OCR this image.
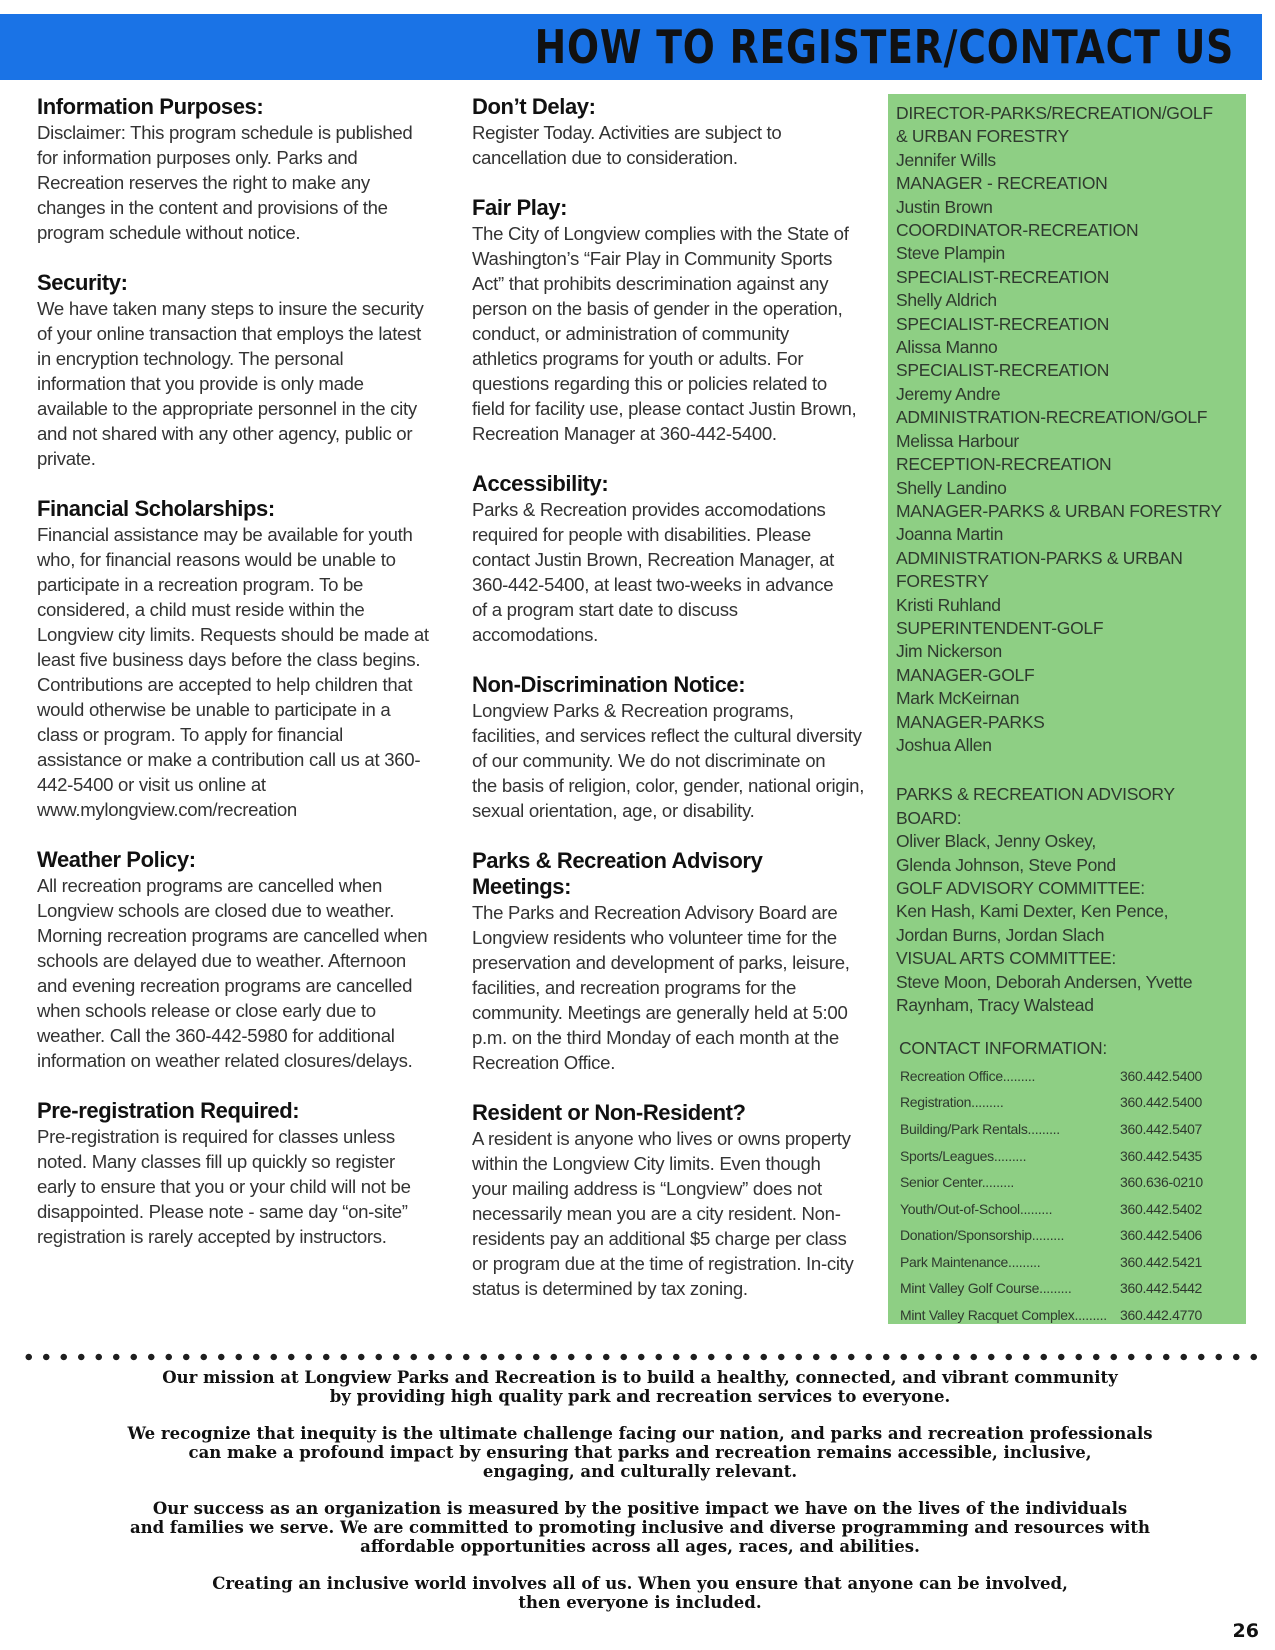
HOW TO REGISTER/CONTACT US
Information Purposes:
Disclaimer: This program schedule is published
for information purposes only. Parks and
Recreation reserves the right to make any
changes in the content and provisions of the
program schedule without notice.
Security:
We have taken many steps to insure the security
of your online transaction that employs the latest
in encryption technology. The personal
information that you provide is only made
available to the appropriate personnel in the city
and not shared with any other agency, public or
private.
Financial Scholarships:
Financial assistance may be available for youth
who, for financial reasons would be unable to
participate in a recreation program. To be
considered, a child must reside within the
Longview city limits. Requests should be made at
least five business days before the class begins.
Contributions are accepted to help children that
would otherwise be unable to participate in a
class or program. To apply for financial
assistance or make a contribution call us at 360-
442-5400 or visit us online at
www.mylongview.com/recreation
Weather Policy:
All recreation programs are cancelled when
Longview schools are closed due to weather.
Morning recreation programs are cancelled when
schools are delayed due to weather. Afternoon
and evening recreation programs are cancelled
when schools release or close early due to
weather. Call the 360-442-5980 for additional
information on weather related closures/delays.
Pre-registration Required:
Pre-registration is required for classes unless
noted. Many classes fill up quickly so register
early to ensure that you or your child will not be
disappointed. Please note - same day “on-site”
registration is rarely accepted by instructors.
Don’t Delay:
Register Today. Activities are subject to
cancellation due to consideration.
Fair Play:
The City of Longview complies with the State of
Washington’s “Fair Play in Community Sports
Act” that prohibits descrimination against any
person on the basis of gender in the operation,
conduct, or administration of community
athletics programs for youth or adults. For
questions regarding this or policies related to
field for facility use, please contact Justin Brown,
Recreation Manager at 360-442-5400.
Accessibility:
Parks & Recreation provides accomodations
required for people with disabilities. Please
contact Justin Brown, Recreation Manager, at
360-442-5400, at least two-weeks in advance
of a program start date to discuss
accomodations.
Non-Discrimination Notice:
Longview Parks & Recreation programs,
facilities, and services reflect the cultural diversity
of our community. We do not discriminate on
the basis of religion, color, gender, national origin,
sexual orientation, age, or disability.
Parks & Recreation Advisory
Meetings:
The Parks and Recreation Advisory Board are
Longview residents who volunteer time for the
preservation and development of parks, leisure,
facilities, and recreation programs for the
community. Meetings are generally held at 5:00
p.m. on the third Monday of each month at the
Recreation Office.
Resident or Non-Resident?
A resident is anyone who lives or owns property
within the Longview City limits. Even though
your mailing address is “Longview” does not
necessarily mean you are a city resident. Non-
residents pay an additional $5 charge per class
or program due at the time of registration. In-city
status is determined by tax zoning.
DIRECTOR-PARKS/RECREATION/GOLF
& URBAN FORESTRY
Jennifer Wills
MANAGER - RECREATION
Justin Brown
COORDINATOR-RECREATION
Steve Plampin
SPECIALIST-RECREATION
Shelly Aldrich
SPECIALIST-RECREATION
Alissa Manno
SPECIALIST-RECREATION
Jeremy Andre
ADMINISTRATION-RECREATION/GOLF
Melissa Harbour
RECEPTION-RECREATION
Shelly Landino
MANAGER-PARKS & URBAN FORESTRY
Joanna Martin
ADMINISTRATION-PARKS & URBAN
FORESTRY
Kristi Ruhland
SUPERINTENDENT-GOLF
Jim Nickerson
MANAGER-GOLF
Mark McKeirnan
MANAGER-PARKS
Joshua Allen
PARKS & RECREATION ADVISORY BOARD:
Oliver Black, Jenny Oskey,
Glenda Johnson, Steve Pond
GOLF ADVISORY COMMITTEE:
Ken Hash, Kami Dexter, Ken Pence,
Jordan Burns, Jordan Slach
VISUAL ARTS COMMITTEE:
Steve Moon, Deborah Andersen, Yvette
Raynham, Tracy Walstead
CONTACT INFORMATION:
Recreation Office.........	360.442.5400
Registration.........	360.442.5400
Building/Park Rentals.........	360.442.5407
Sports/Leagues.........	360.442.5435
Senior Center.........	360.636-0210
Youth/Out-of-School.........	360.442.5402
Donation/Sponsorship.........	360.442.5406
Park Maintenance.........	360.442.5421
Mint Valley Golf Course.........	360.442.5442
Mint Valley Racquet Complex......... 360.442.4770

Our mission at Longview Parks and Recreation is to build a healthy, connected, and vibrant community
by providing high quality park and recreation services to everyone.

We recognize that inequity is the ultimate challenge facing our nation, and parks and recreation professionals
can make a profound impact by ensuring that parks and recreation remains accessible, inclusive,
engaging, and culturally relevant.

Our success as an organization is measured by the positive impact we have on the lives of the individuals
and families we serve. We are committed to promoting inclusive and diverse programming and resources with
affordable opportunities across all ages, races, and abilities.

Creating an inclusive world involves all of us. When you ensure that anyone can be involved,
then everyone is included.

26
